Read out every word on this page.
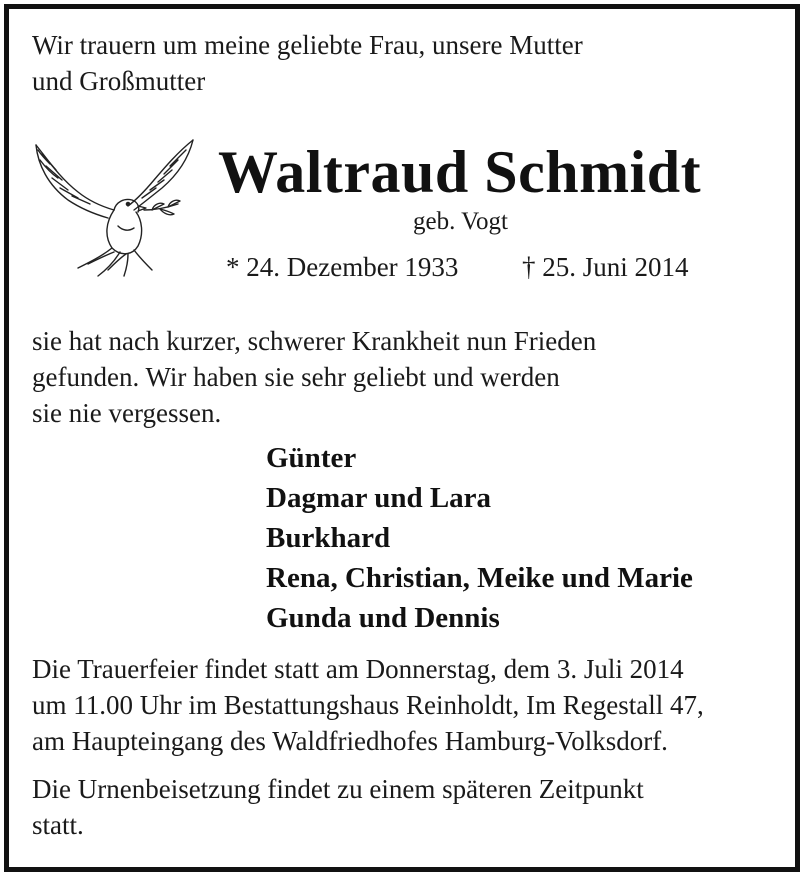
Wir trauern um meine geliebte Frau, unsere Mutter
und Großmutter
Waltraud Schmidt
geb. Vogt
* 24. Dezember 1933 † 25. Juni 2014
sie hat nach kurzer, schwerer Krankheit nun Frieden
gefunden. Wir haben sie sehr geliebt und werden
sie nie vergessen.
Günter
Dagmar und Lara
Burkhard
Rena, Christian, Meike und Marie
Gunda und Dennis
Die Trauerfeier findet statt am Donnerstag, dem 3. Juli 2014
um 11.00 Uhr im Bestattungshaus Reinholdt, Im Regestall 47,
am Haupteingang des Waldfriedhofes Hamburg-Volksdorf.
Die Urnenbeisetzung findet zu einem späteren Zeitpunkt
statt.
